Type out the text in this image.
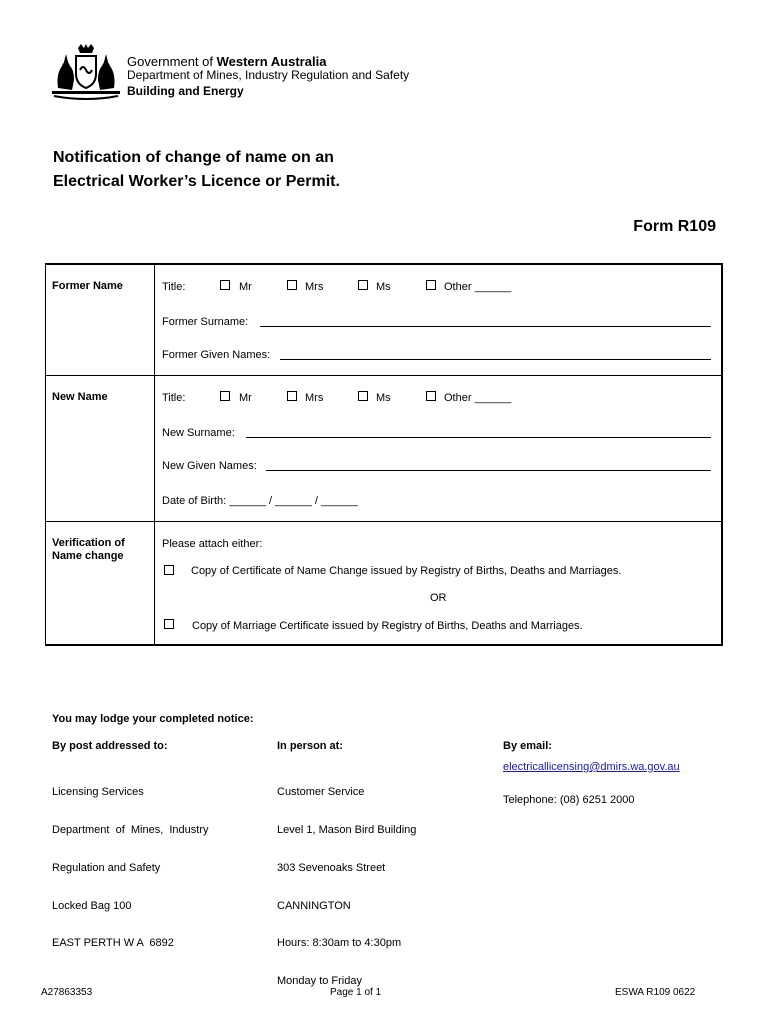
Government of Western Australia
Department of Mines, Industry Regulation and Safety
Building and Energy
Notification of change of name on an
Electrical Worker’s Licence or Permit.
Form R109
Former Name	Title:	Mr	Mrs	Ms	Other ______
Former Surname:
Former Given Names:
New Name	Title:	Mr	Mrs	Ms	Other ______
New Surname:
New Given Names:
Date of Birth: ______ / ______ / ______
Verification of
Name change
Please attach either:
Copy of Certificate of Name Change issued by Registry of Births, Deaths and Marriages.
OR
Copy of Marriage Certificate issued by Registry of Births, Deaths and Marriages.
You may lodge your completed notice:
By post addressed to:

Licensing Services

Department  of  Mines,  Industry

Regulation and Safety

Locked Bag 100

EAST PERTH W A  6892

In person at:

Customer Service

Level 1, Mason Bird Building

303 Sevenoaks Street

CANNINGTON

Hours: 8:30am to 4:30pm

Monday to Friday

By email:
electricallicensing@dmirs.wa.gov.au
Telephone: (08) 6251 2000
A27863353	Page 1 of 1	ESWA R109 0622
